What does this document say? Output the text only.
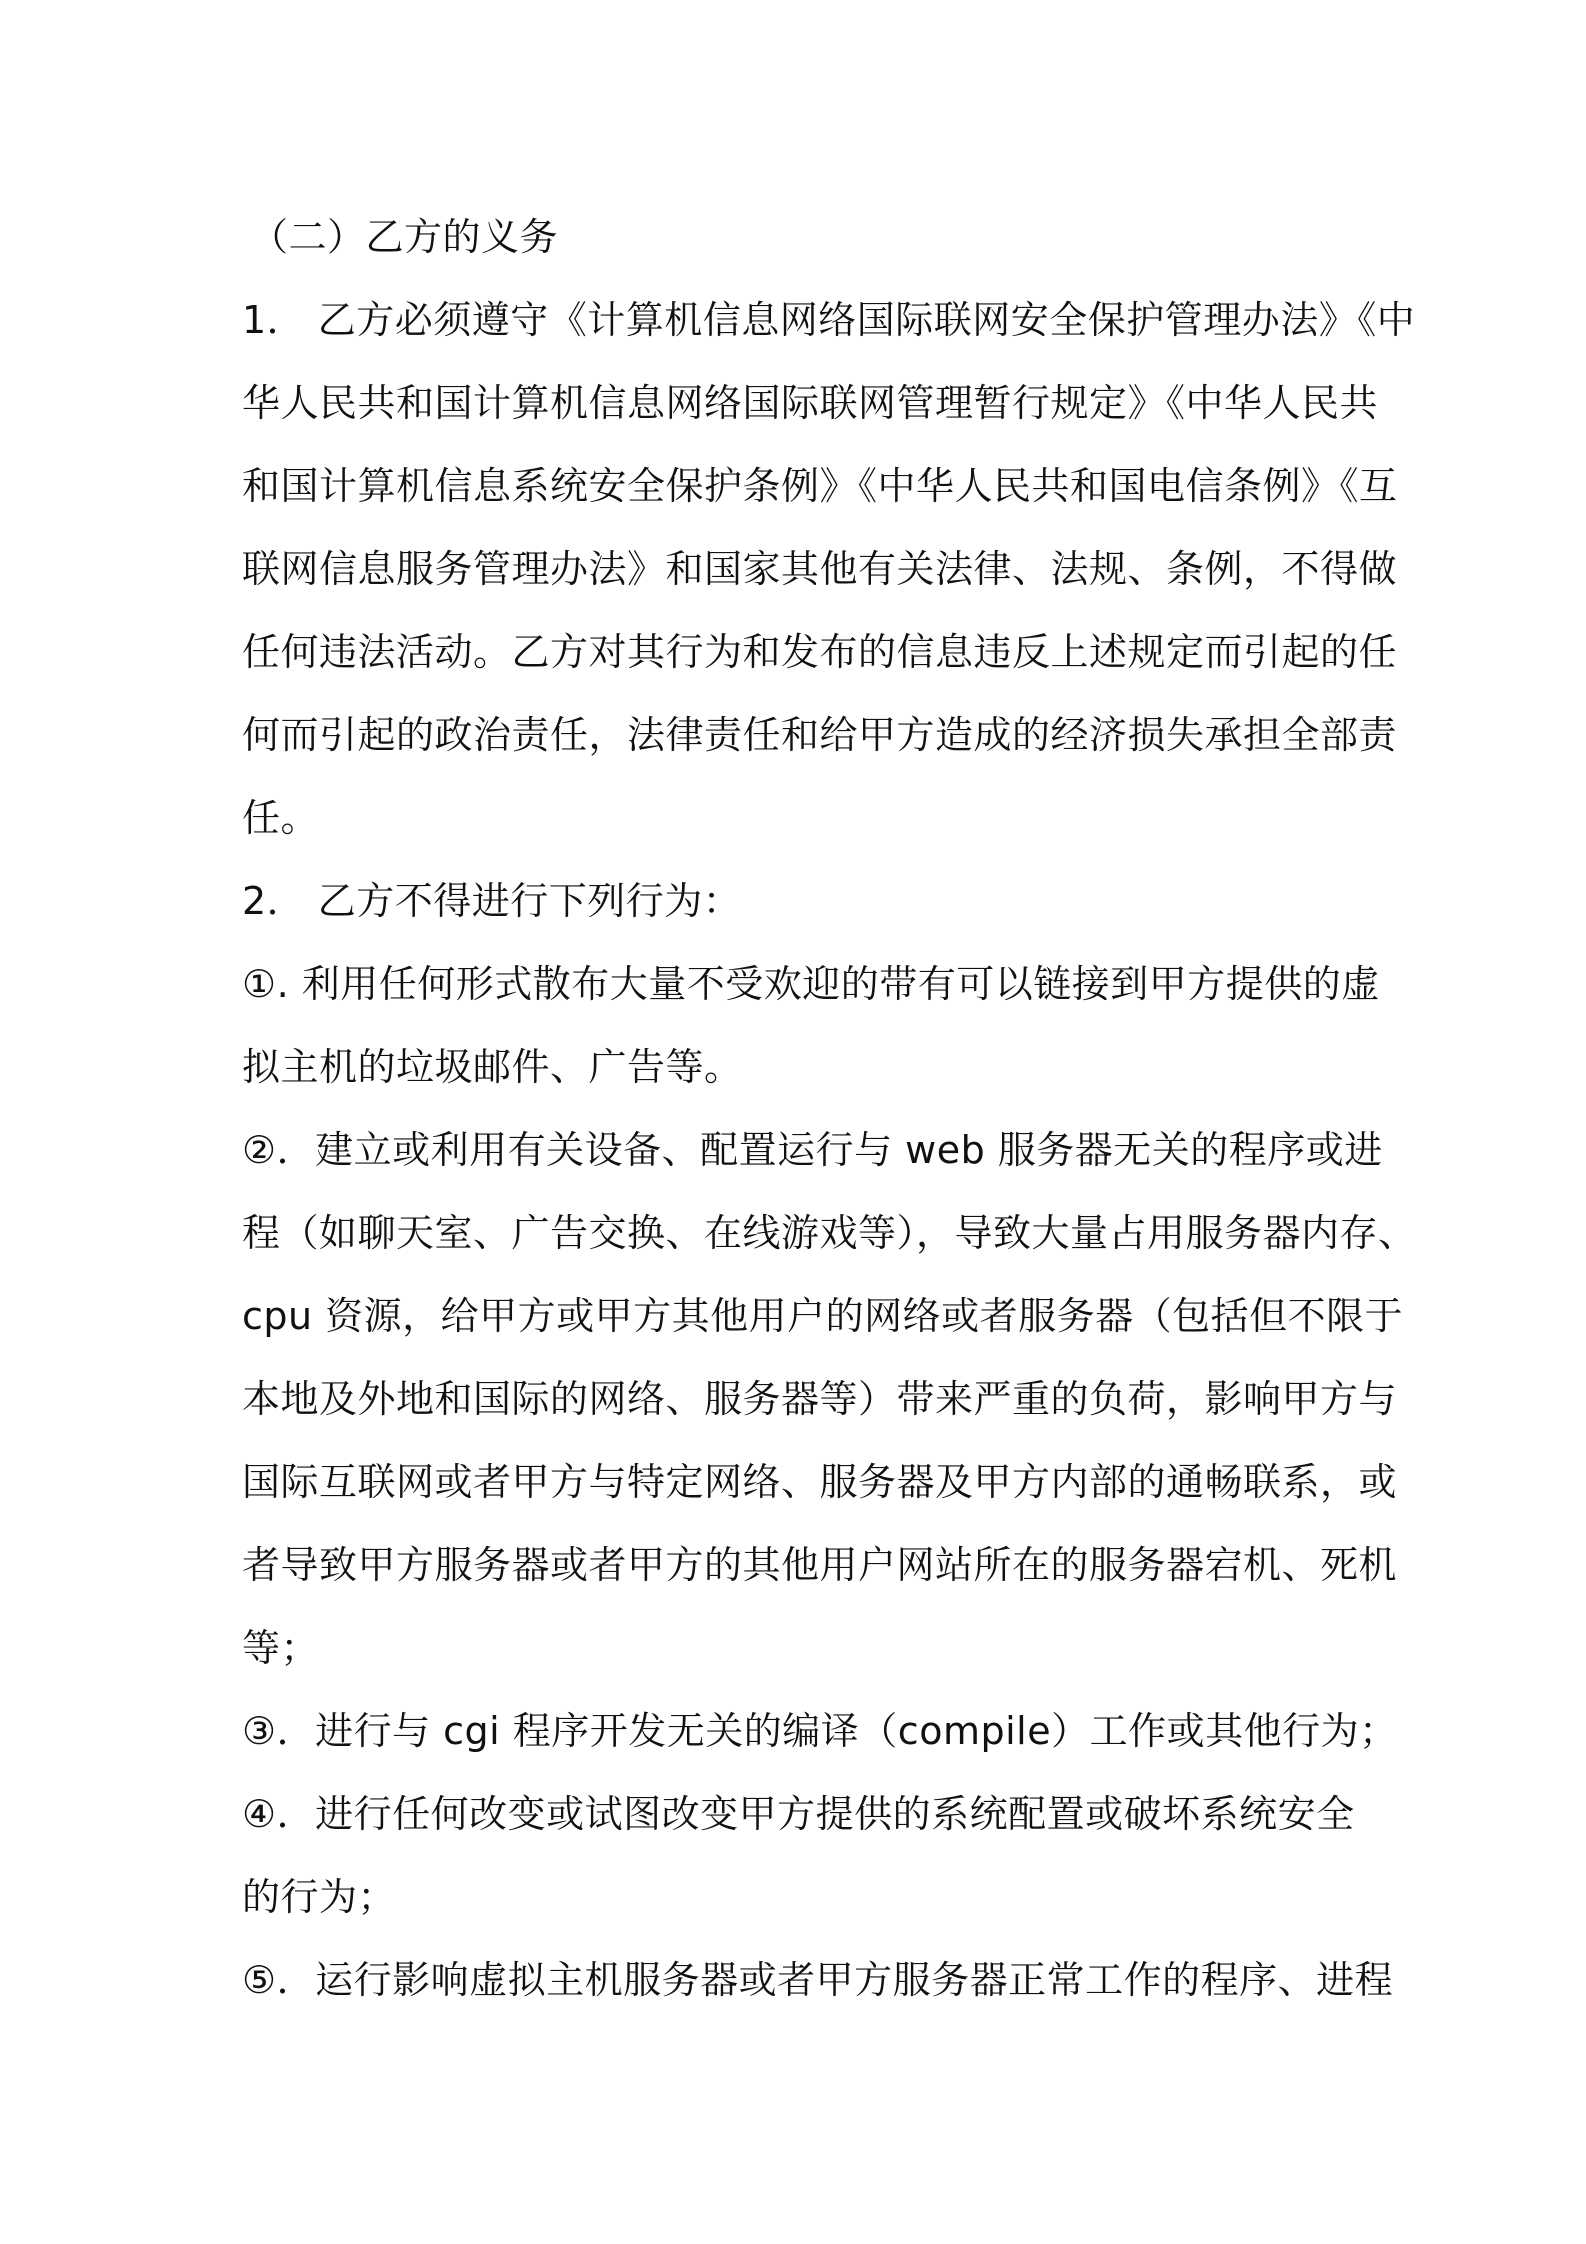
（二）乙方的义务
1． 乙方必须遵守《计算机信息网络国际联网安全保护管理办法》《中
华人民共和国计算机信息网络国际联网管理暂行规定》《中华人民共
和国计算机信息系统安全保护条例》《中华人民共和国电信条例》《互
联网信息服务管理办法》和国家其他有关法律、法规、条例，不得做
任何违法活动。乙方对其行为和发布的信息违反上述规定而引起的任
何而引起的政治责任，法律责任和给甲方造成的经济损失承担全部责
任。
2． 乙方不得进行下列行为：
①. 利用任何形式散布大量不受欢迎的带有可以链接到甲方提供的虚
拟主机的垃圾邮件、广告等。
②．建立或利用有关设备、配置运行与 web 服务器无关的程序或进
程（如聊天室、广告交换、在线游戏等），导致大量占用服务器内存、
cpu 资源，给甲方或甲方其他用户的网络或者服务器（包括但不限于
本地及外地和国际的网络、服务器等）带来严重的负荷，影响甲方与
国际互联网或者甲方与特定网络、服务器及甲方内部的通畅联系，或
者导致甲方服务器或者甲方的其他用户网站所在的服务器宕机、死机
等；
③．进行与 cgi 程序开发无关的编译（compile）工作或其他行为；
④．进行任何改变或试图改变甲方提供的系统配置或破坏系统安全
的行为；
⑤．运行影响虚拟主机服务器或者甲方服务器正常工作的程序、进程
